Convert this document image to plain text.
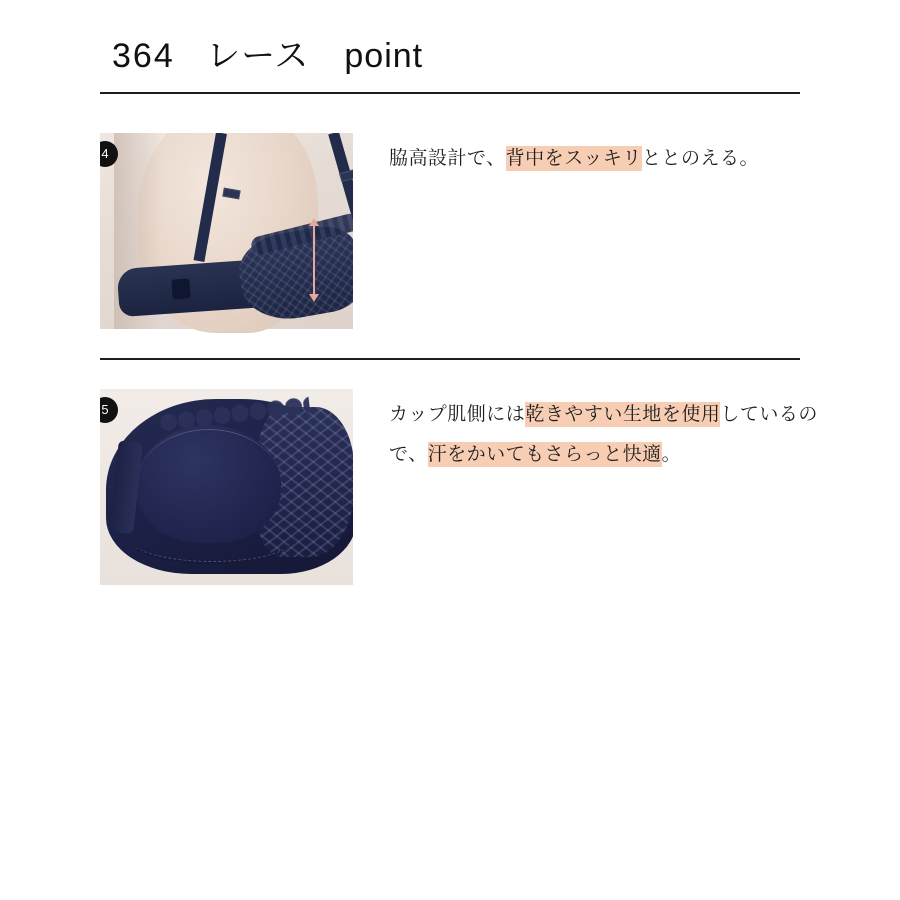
364 レース　point
4	脇高設計で、背中をスッキリととのえる。
5	カップ肌側には乾きやすい生地を使用しているので、汗をかいてもさらっと快適。
